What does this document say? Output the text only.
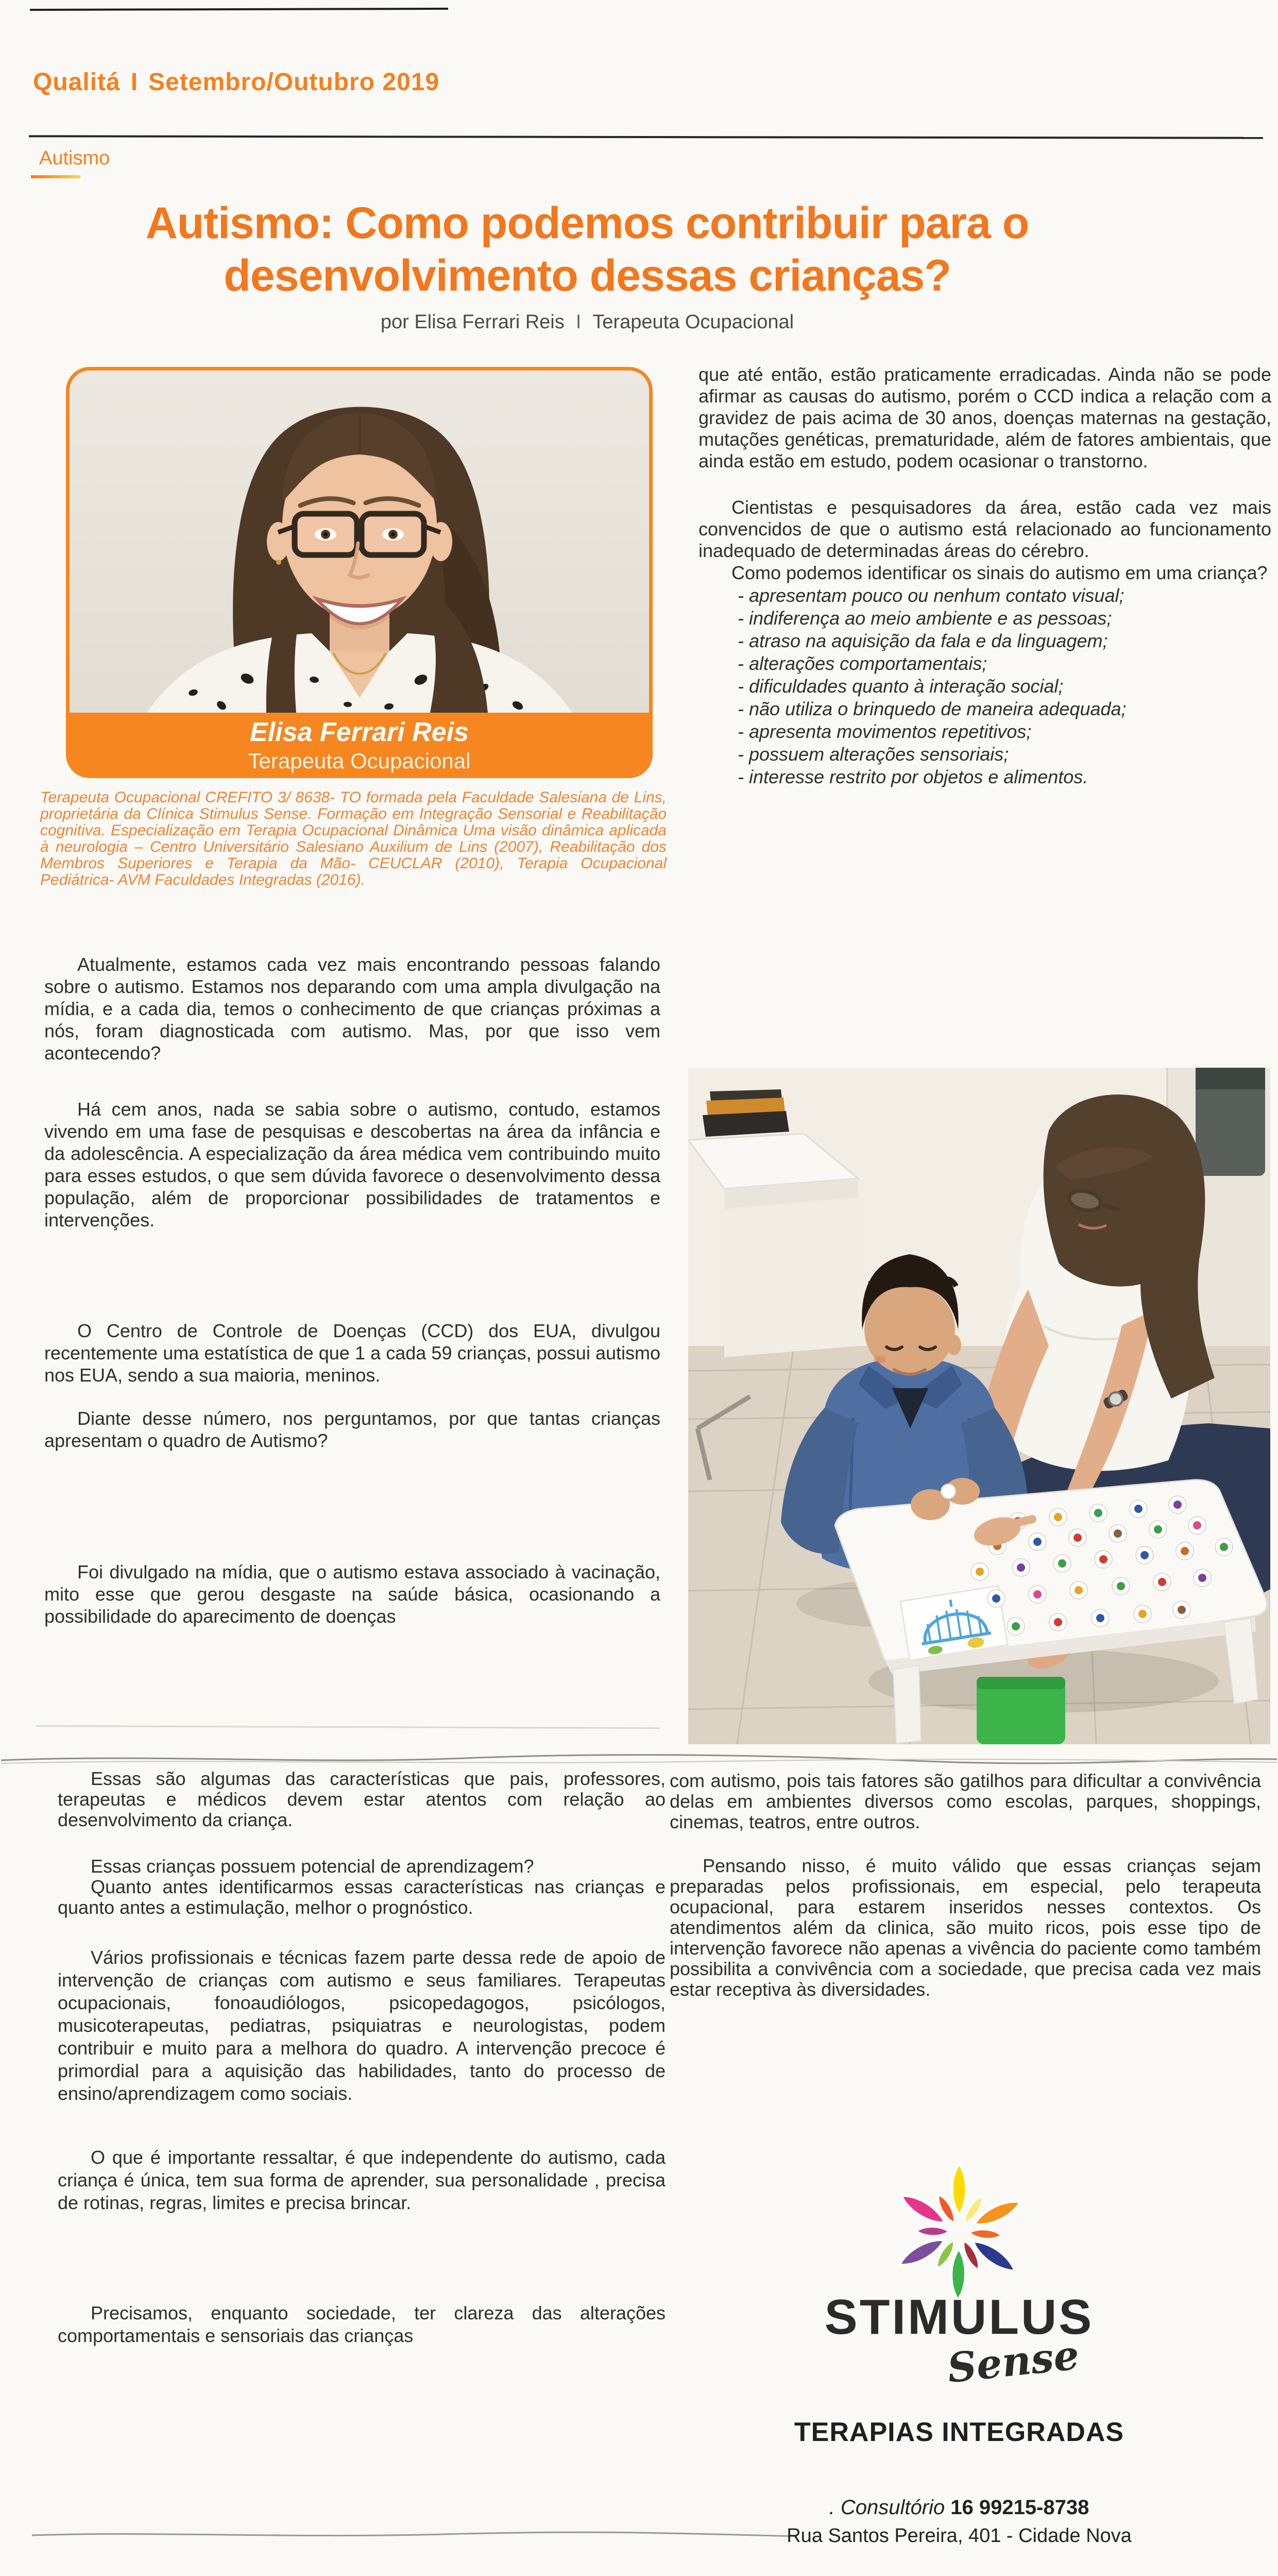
Qualitá I Setembro/Outubro 2019
Autismo
Autismo: Como podemos contribuir para o
desenvolvimento dessas crianças?
por Elisa Ferrari Reis I Terapeuta Ocupacional
Elisa Ferrari Reis
Terapeuta Ocupacional
Terapeuta Ocupacional CREFITO 3/ 8638- TO formada pela Faculdade Salesiana de Lins, proprietária da Clínica Stimulus Sense. Formação em Integração Sensorial e Reabilitação cognitiva. Especialização em Terapia Ocupacional Dinâmica Uma visão dinâmica aplicada à neurologia – Centro Universitário Salesiano Auxilium de Lins (2007), Reabilitação dos Membros Superiores e Terapia da Mão- CEUCLAR (2010), Terapia Ocupacional Pediátrica- AVM Faculdades Integradas (2016).

Atualmente, estamos cada vez mais encontrando pessoas falando sobre o autismo. Estamos nos deparando com uma ampla divulgação na mídia, e a cada dia, temos o conhecimento de que crianças próximas a nós, foram diagnosticada com autismo. Mas, por que isso vem acontecendo?

Há cem anos, nada se sabia sobre o autismo, contudo, estamos vivendo em uma fase de pesquisas e descobertas na área da infância e da adolescência. A especialização da área médica vem contribuindo muito para esses estudos, o que sem dúvida favorece o desenvolvimento dessa população, além de proporcionar possibilidades de tratamentos e intervenções.

O Centro de Controle de Doenças (CCD) dos EUA, divulgou recentemente uma estatística de que 1 a cada 59 crianças, possui autismo nos EUA, sendo a sua maioria, meninos.

Diante desse número, nos perguntamos, por que tantas crianças apresentam o quadro de Autismo?

Foi divulgado na mídia, que o autismo estava associado à vacinação, mito esse que gerou desgaste na saúde básica, ocasionando a possibilidade do aparecimento de doenças

que até então, estão praticamente erradicadas. Ainda não se pode afirmar as causas do autismo, porém o CCD indica a relação com a gravidez de pais acima de 30 anos, doenças maternas na gestação, mutações genéticas, prematuridade, além de fatores ambientais, que ainda estão em estudo, podem ocasionar o transtorno.

Cientistas e pesquisadores da área, estão cada vez mais convencidos de que o autismo está relacionado ao funcionamento inadequado de determinadas áreas do cérebro.

Como podemos identificar os sinais do autismo em uma criança?

- apresentam pouco ou nenhum contato visual;
- indiferença ao meio ambiente e as pessoas;
- atraso na aquisição da fala e da linguagem;
- alterações comportamentais;
- dificuldades quanto à interação social;
- não utiliza o brinquedo de maneira adequada;
- apresenta movimentos repetitivos;
- possuem alterações sensoriais;
- interesse restrito por objetos e alimentos.

Essas são algumas das características que pais, professores, terapeutas e médicos devem estar atentos com relação ao desenvolvimento da criança.

Essas crianças possuem potencial de aprendizagem?

Quanto antes identificarmos essas características nas crianças e quanto antes a estimulação, melhor o prognóstico.

Vários profissionais e técnicas fazem parte dessa rede de apoio de intervenção de crianças com autismo e seus familiares. Terapeutas ocupacionais, fonoaudiólogos, psicopedagogos, psicólogos, musicoterapeutas, pediatras, psiquiatras e neurologistas, podem contribuir e muito para a melhora do quadro. A intervenção precoce é primordial para a aquisição das habilidades, tanto do processo de ensino/aprendizagem como sociais.

O que é importante ressaltar, é que independente do autismo, cada criança é única, tem sua forma de aprender, sua personalidade , precisa de rotinas, regras, limites e precisa brincar.

Precisamos, enquanto sociedade, ter clareza das alterações comportamentais e sensoriais das crianças

com autismo, pois tais fatores são gatilhos para dificultar a convivência delas em ambientes diversos como escolas, parques, shoppings, cinemas, teatros, entre outros.

Pensando nisso, é muito válido que essas crianças sejam preparadas pelos profissionais, em especial, pelo terapeuta ocupacional, para estarem inseridos nesses contextos. Os atendimentos além da clinica, são muito ricos, pois esse tipo de intervenção favorece não apenas a vivência do paciente como também possibilita a convivência com a sociedade, que precisa cada vez mais estar receptiva às diversidades.

STIMULUS
Sense
TERAPIAS INTEGRADAS
. Consultório 16 99215-8738
Rua Santos Pereira, 401 - Cidade Nova
